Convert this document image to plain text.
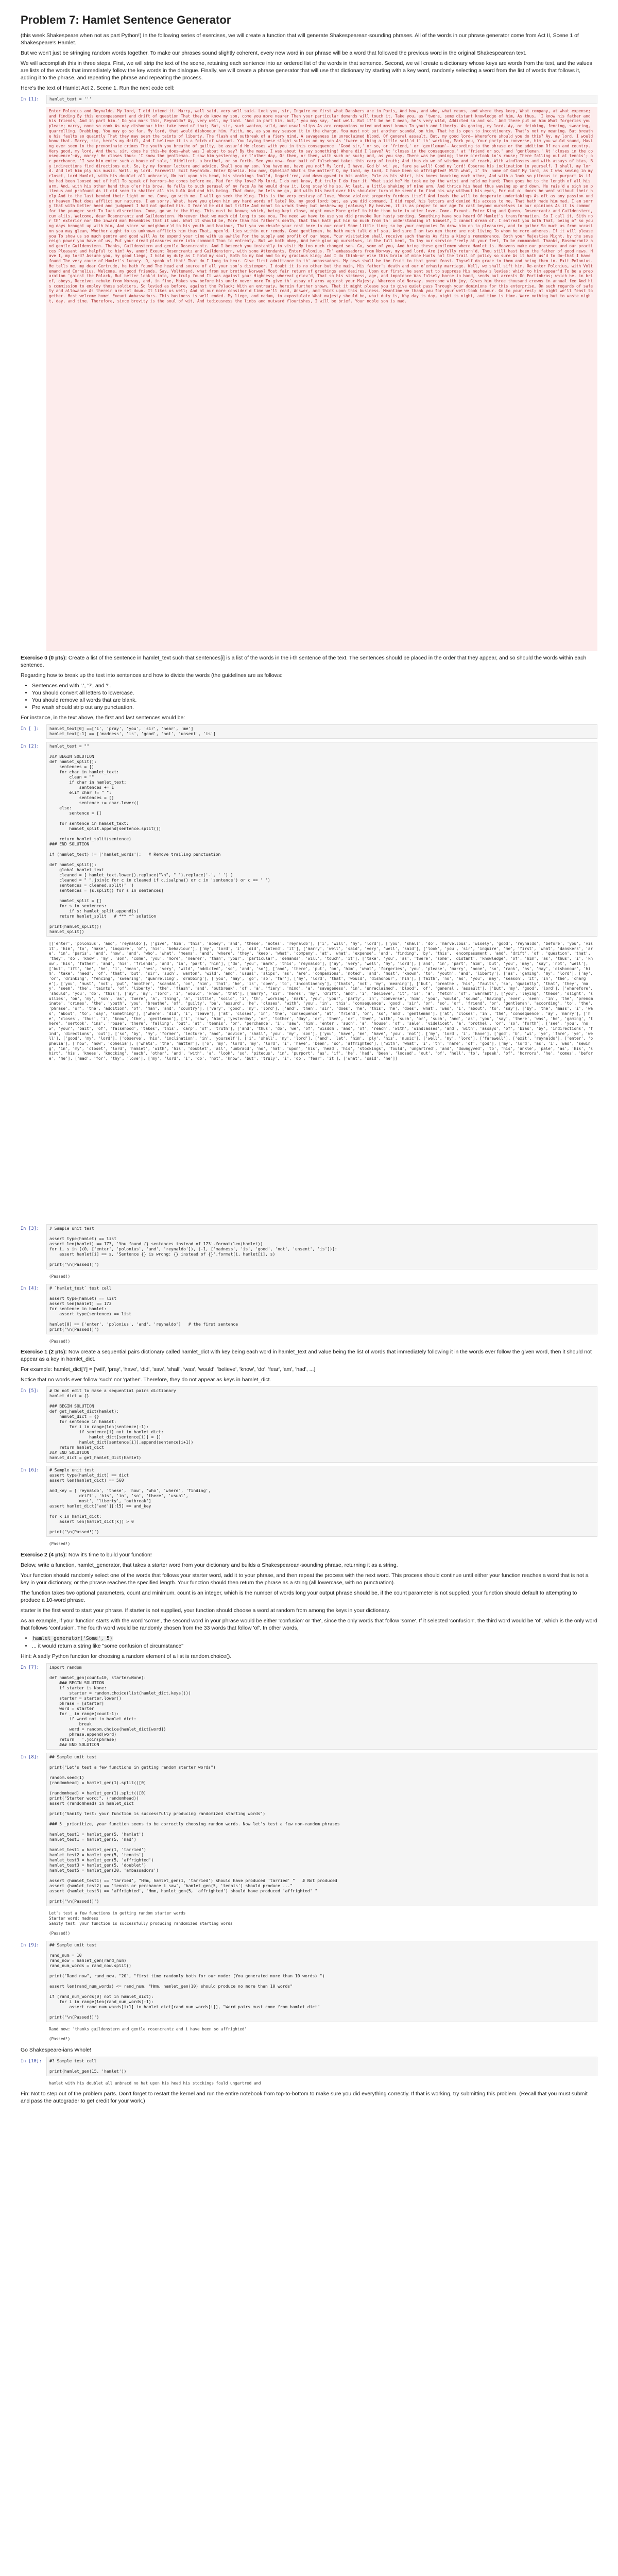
Problem 7: Hamlet Sentence Generator

(this week Shakespeare when not as part Python!) In the following series of exercises, we will create a function that will generate Shakespearean-sounding phrases. All of the words in our phrase generator come from Act II, Scene 1 of Shakespeare's Hamlet.

But we won't just be stringing random words together. To make our phrases sound slightly coherent, every new word in our phrase will be a word that followed the previous word in the original Shakespearean text.

We will accomplish this in three steps. First, we will strip the text of the scene, retaining each sentence into an ordered list of the words in that sentence. Second, we will create a dictionary whose keys are words from the text, and the values are lists of the words that immediately follow the key words in the dialogue. Finally, we will create a phrase generator that will use that dictionary by starting with a key word, randomly selecting a word from the list of words that follows it, adding it to the phrase, and repeating the phrase and repeating the process.

Here's the text of Hamlet Act 2, Scene 1. Run the next code cell:

In [1]:	hamlet_text = '''
Enter Polonius and Reynaldo. My lord, I did intend it. Marry, well said, very well said. Look you, sir, Inquire me first what Danskers are in Paris, And how, and who, what means, and where they keep, What company, at what expense; and finding By this encompassment and drift of question That they do know my son, come you more nearer Than your particular demands will touch it. Take you, as 'twere, some distant knowledge of him, As thus, 'I know his father and his friends, And in part him.' Do you mark this, Reynaldo? Ay, very well, my lord. 'And in part him, but,' you may say, 'not well. But if't be he I mean, he's very wild, Addicted so and so.' And there put on him What forgeries you please; marry, none so rank As may dishonour him; take heed of that; But, sir, such wanton, wild, and usual slips As are companions noted and most known To youth and liberty. As gaming, my lord. Ay, or drinking, fencing, swearing, quarrelling, Drabbing. You may go so far. My lord, that would dishonour him. Faith, no, as you may season it in the charge. You must not put another scandal on him, That he is open to incontinency. That's not my meaning. But breathe his faults so quaintly That they may seem the taints of liberty, The flash and outbreak of a fiery mind, A savageness in unreclaimed blood, Of general assault. But, my good lord— Wherefore should you do this? Ay, my lord, I would know that. Marry, sir, here's my drift, And I believe it is a fetch of warrant. You laying these slight sullies on my son As 'twere a thing a little soil'd i' th' working, Mark you, Your party in converse, him you would sound, Having ever seen in the prenominate crimes The youth you breathe of guilty, be assur'd He closes with you in this consequence: 'Good sir,' or so, or 'friend,' or 'gentleman'— According to the phrase or the addition Of man and country. Very good, my lord. And then, sir, does he this—he does—what was I about to say? By the mass, I was about to say something! Where did I leave? At 'closes in the consequence,' at 'friend or so,' and 'gentleman.' At 'closes in the consequence'—Ay, marry! He closes thus: 'I know the gentleman. I saw him yesterday, or t'other day, Or then, or then, with such or such; and, as you say, There was he gaming; there o'ertook in's rouse; There falling out at tennis'; or perchance, 'I saw him enter such a house of sale,' Videlicet, a brothel, or so forth. See you now— Your bait of falsehood takes this carp of truth; And thus do we of wisdom and of reach, With windlasses and with assays of bias, By indirections find directions out. So, by my former lecture and advice, Shall you my son. You have me, have you not? My lord, I have. God b' wi' ye, fare ye well! Good my lord! Observe his inclination in yourself. I shall, my lord. And let him ply his music. Well, my lord. Farewell! Exit Reynaldo. Enter Ophelia. How now, Ophelia? What's the matter? O, my lord, my lord, I have been so affrighted! With what, i' th' name of God? My lord, as I was sewing in my closet, Lord Hamlet, with his doublet all unbrac'd, No hat upon his head, his stockings foul'd, Ungart'red, and down-gyved to his ankle; Pale as his shirt, his knees knocking each other, And with a look so piteous in purport As if he had been loosed out of hell To speak of horrors—he comes before me. Mad for thy love? My lord, I do not know, But truly I do fear it. What said he? He took me by the wrist and held me hard; Then goes he to the length of all his arm, And, with his other hand thus o'er his brow, He falls to such perusal of my face As he would draw it. Long stay'd he so. At last, a little shaking of mine arm, And thrice his head thus waving up and down, He rais'd a sigh so piteous and profound As it did seem to shatter all his bulk And end his being. That done, he lets me go, And with his head over his shoulder turn'd He seem'd to find his way without his eyes, For out o' doors he went without their help And to the last bended their light on me. Come, go with me. I will go seek the King. This is the very ecstasy of love, Whose violent property fordoes itself And leads the will to desperate undertakings As oft as any passion under heaven That does afflict our natures. I am sorry. What, have you given him any hard words of late? No, my good lord; but, as you did command, I did repel his letters and denied His access to me. That hath made him mad. I am sorry that with better heed and judgment I had not quoted him. I fear'd he did but trifle And meant to wrack thee; but beshrew my jealousy! By heaven, it is as proper to our age To cast beyond ourselves in our opinions As it is common for the younger sort To lack discretion. Come, go we to the King. This must be known; which, being kept close, might move More grief to hide than hate to utter love. Come. Exeunt. Enter King and Queen, Rosencrantz and Guildenstern, cum aliis. Welcome, dear Rosencrantz and Guildenstern. Moreover that we much did long to see you, The need we have to use you did provoke Our hasty sending. Something have you heard Of Hamlet's transformation. So I call it, Sith nor th' exterior nor the inward man Resembles that it was. What it should be, More than his father's death, that thus hath put him So much from th' understanding of himself, I cannot dream of. I entreat you both That, being of so young days brought up with him, And since so neighbour'd to his youth and haviour, That you vouchsafe your rest here in our court Some little time; so by your companies To draw him on to pleasures, and to gather So much as from occasion you may glean, Whether aught to us unknown afflicts him thus That, open'd, lies within our remedy. Good gentlemen, he hath much talk'd of you, And sure I am two men there are not living To whom he more adheres. If it will please you To show us so much gentry and good will As to expend your time with us awhile For the supply and profit of our hope, Your visitation shall receive such thanks As fits a king's remembrance. Both your Majesties Might, by the sovereign power you have of us, Put your dread pleasures more into command Than to entreaty. But we both obey, And here give up ourselves, in the full bent, To lay our service freely at your feet, To be commanded. Thanks, Rosencrantz and gentle Guildenstern. Thanks, Guildenstern and gentle Rosencrantz. And I beseech you instantly to visit My too much changed son. Go, some of you, And bring these gentlemen where Hamlet is. Heavens make our presence and our practices Pleasant and helpful to him! Ay, amen! Exeunt Rosencrantz and Guildenstern, with some Attendants. Enter Polonius. Th' ambassadors from Norway, my good lord, Are joyfully return'd. Thou still hast been the father of good news. Have I, my lord? Assure you, my good liege, I hold my duty as I hold my soul, Both to my God and to my gracious king; And I do think—or else this brain of mine Hunts not the trail of policy so sure As it hath us'd to do—that I have found The very cause of Hamlet's lunacy. O, speak of that! That do I long to hear. Give first admittance to th' ambassadors. My news shall be the fruit to that great feast. Thyself do grace to them and bring them in. Exit Polonius. He tells me, my dear Gertrude, he hath found The head and source of all your son's distemper. I doubt it is no other but the main, His father's death and our o'erhasty marriage. Well, we shall sift him. Re-enter Polonius, with Voltemand and Cornelius. Welcome, my good friends. Say, Voltemand, what from our brother Norway? Most fair return of greetings and desires. Upon our first, he sent out to suppress His nephew's levies; which to him appear'd To be a preparation 'gainst the Polack, But better look'd into, he truly found It was against your Highness; whereat griev'd, That so his sickness, age, and impotence Was falsely borne in hand, sends out arrests On Fortinbras; which he, in brief, obeys, Receives rebuke from Norway, and, in fine, Makes vow before his uncle never more To give th' assay of arms against your Majesty. Whereon old Norway, overcome with joy, Gives him three thousand crowns in annual fee And his commission to employ those soldiers, So levied as before, against the Polack; With an entreaty, herein further shown, That it might please you to give quiet pass Through your dominions for this enterprise, On such regards of safety and allowance As therein are set down. It likes us well; And at our more consider'd time we'll read, Answer, and think upon this business. Meantime we thank you for your well-took labour. Go to your rest; at night we'll feast together. Most welcome home! Exeunt Ambassadors. This business is well ended. My liege, and madam, to expostulate What majesty should be, what duty is, Why day is day, night is night, and time is time. Were nothing but to waste night, day, and time. Therefore, since brevity is the soul of wit, And tediousness the limbs and outward flourishes, I will be brief. Your noble son is mad.

Exercise 0 (0 pts): Create a list of the sentence in hamlet_text such that sentences[i] is a list of the words in the i-th sentence of the text. The sentences should be placed in the order that they appear, and so should the words within each sentence.

Regarding how to break up the text into sentences and how to divide the words (the guidelines are as follows:

• Sentences end with '.', '?', and '!'.
• You should convert all letters to lowercase.
• You should remove all words that are blank.
• Pre wash should strip out any punctuation.

For instance, in the text above, the first and last sentences would be:

In [ ]:	hamlet_text[0] ==['i', 'pray', 'you', 'sir', 'hear', 'me']
hamlet_text[-1] == ['madness', 'is', 'good', 'not', 'unsent', 'is']
In [2]:	hamlet_text = ""

### BEGIN SOLUTION
def hamlet_split():
sentences = []
for char in hamlet_text:
clean = ""
if char in hamlet_text:
sentences += 1
elif char != " ":
sentences = []
sentence += char.lower()
else:
sentence = []

for sentence in hamlet_text:
hamlet_split.append(sentence.split())

return hamlet_split(sentence)
### END SOLUTION

if (hamlet_text) != ['hamlet_words']:   # Remove trailing punctuation

def hamlet_split():
global hamlet_text
cleaned = [ hamlet_text.lower().replace("\n", " ").replace('-', ' ') ]
cleaned = " ".join(c for c in cleaned if c.isalpha() or c in 'sentence') or c == ' ')
sentences = cleaned.split(' ')
sentences = [s.split() for s in sentences]

hamlet_split = []
for s in sentences:
if s: hamlet_split.append(s)
return hamlet_split   # *** ^^ solution

print(hamlet_split())
hamlet_split()
[['enter', 'polonius', 'and', 'reynaldo'], ['give', 'him', 'this', 'money', 'and', 'these', 'notes', 'reynaldo'], ['i', 'will', 'my', 'lord'], ['you', 'shall', 'do', 'marvellous', 'wisely', 'good', 'reynaldo', 'before', 'you', 'visit', 'him', 'to', 'make', 'inquire', 'of', 'his', 'behaviour'], ['my', 'lord', 'i', 'did', 'intend', 'it'], ['marry', 'well', 'said', 'very', 'well', 'said'], ['look', 'you', 'sir', 'inquire', 'me', 'first', 'what', 'danskers', 'are', 'in', 'paris', 'and', 'how', 'and', 'who', 'what', 'means', 'and', 'where', 'they', 'keep', 'what', 'company', 'at', 'what', 'expense', 'and', 'finding', 'by', 'this', 'encompassment', 'and', 'drift', 'of', 'question', 'that', 'they', 'do', 'know', 'my', 'son', 'come', 'you', 'more', 'nearer', 'than', 'your', 'particular', 'demands', 'will', 'touch', 'it'], ['take', 'you', 'as', 'twere', 'some', 'distant', 'knowledge', 'of', 'him', 'as', 'thus', 'i', 'know', 'his', 'father', 'and', 'his', 'friends', 'and', 'in', 'part', 'him'], ['do', 'you', 'mark', 'this', 'reynaldo'], ['ay', 'very', 'well', 'my', 'lord'], ['and', 'in', 'part', 'him', 'but', 'you', 'may', 'say', 'not', 'well'], ['but', 'ift', 'be', 'he', 'i', 'mean', 'hes', 'very', 'wild', 'addicted', 'so', 'and', 'so'], ['and', 'there', 'put', 'on', 'him', 'what', 'forgeries', 'you', 'please', 'marry', 'none', 'so', 'rank', 'as', 'may', 'dishonour', 'him', 'take', 'heed', 'of', 'that', 'but', 'sir', 'such', 'wanton', 'wild', 'and', 'usual', 'slips', 'as', 'are', 'companions', 'noted', 'and', 'most', 'known', 'to', 'youth', 'and', 'liberty'], ['as', 'gaming', 'my', 'lord'], ['ay', 'or', 'drinking', 'fencing', 'swearing', 'quarrelling', 'drabbing'], ['you', 'may', 'go', 'so', 'far'], ['my', 'lord', 'that', 'would', 'dishonour', 'him'], ['faith', 'no', 'as', 'you', 'may', 'season', 'it', 'in', 'the', 'charge'], ['you', 'must', 'not', 'put', 'another', 'scandal', 'on', 'him', 'that', 'he', 'is', 'open', 'to', 'incontinency'], ['thats', 'not', 'my', 'meaning'], ['but', 'breathe', 'his', 'faults', 'so', 'quaintly', 'that', 'they', 'may', 'seem', 'the', 'taints', 'of', 'liberty', 'the', 'flash', 'and', 'outbreak', 'of', 'a', 'fiery', 'mind', 'a', 'savageness', 'in', 'unreclaimed', 'blood', 'of', 'general', 'assault'], ['but', 'my', 'good', 'lord'], ['wherefore', 'should', 'you', 'do', 'this'], ['ay', 'my', 'lord', 'i', 'would', 'know', 'that'], ['marry', 'sir', 'heres', 'my', 'drift', 'and', 'i', 'believe', 'it', 'is', 'a', 'fetch', 'of', 'warrant'], ['you', 'laying', 'these', 'slight', 'sullies', 'on', 'my', 'son', 'as', 'twere', 'a', 'thing', 'a', 'little', 'soild', 'i', 'th', 'working', 'mark', 'you', 'your', 'party', 'in', 'converse', 'him', 'you', 'would', 'sound', 'having', 'ever', 'seen', 'in', 'the', 'prenominate', 'crimes', 'the', 'youth', 'you', 'breathe', 'of', 'guilty', 'be', 'assurd', 'he', 'closes', 'with', 'you', 'in', 'this', 'consequence', 'good', 'sir', 'or', 'so', 'or', 'friend', 'or', 'gentleman', 'according', 'to', 'the', 'phrase', 'or', 'the', 'addition', 'of', 'man', 'and', 'country'], ['very', 'good', 'my', 'lord'], ['and', 'then', 'sir', 'does', 'he', 'this', 'he', 'does', 'what', 'was', 'i', 'about', 'to', 'say'], ['by', 'the', 'mass', 'i', 'was', 'about', 'to', 'say', 'something'], ['where', 'did', 'i', 'leave'], ['at', 'closes', 'in', 'the', 'consequence', 'at', 'friend', 'or', 'so', 'and', 'gentleman'], ['at', 'closes', 'in', 'the', 'consequence', 'ay', 'marry'], ['he', 'closes', 'thus', 'i', 'know', 'the', 'gentleman'], ['i', 'saw', 'him', 'yesterday', 'or', 'tother', 'day', 'or', 'then', 'or', 'then', 'with', 'such', 'or', 'such', 'and', 'as', 'you', 'say', 'there', 'was', 'he', 'gaming', 'there', 'oertook', 'ins', 'rouse', 'there', 'falling', 'out', 'at', 'tennis', 'or', 'perchance', 'i', 'saw', 'him', 'enter', 'such', 'a', 'house', 'of', 'sale', 'videlicet', 'a', 'brothel', 'or', 'so', 'forth'], ['see', 'you', 'now', 'your', 'bait', 'of', 'falsehood', 'takes', 'this', 'carp', 'of', 'truth'], ['and', 'thus', 'do', 'we', 'of', 'wisdom', 'and', 'of', 'reach', 'with', 'windlasses', 'and', 'with', 'assays', 'of', 'bias', 'by', 'indirections', 'find', 'directions', 'out'], ['so', 'by', 'my', 'former', 'lecture', 'and', 'advice', 'shall', 'you', 'my', 'son'], ['you', 'have', 'me', 'have', 'you', 'not'], ['my', 'lord', 'i', 'have'], ['god', 'b', 'wi', 'ye', 'fare', 'ye', 'well'], ['good', 'my', 'lord'], ['observe', 'his', 'inclination', 'in', 'yourself'], ['i', 'shall', 'my', 'lord'], ['and', 'let', 'him', 'ply', 'his', 'music'], ['well', 'my', 'lord'], ['farewell'], ['exit', 'reynaldo'], ['enter', 'ophelia'], ['how', 'now', 'ophelia'], ['whats', 'the', 'matter'], ['o', 'my', 'lord', 'my', 'lord', 'i', 'have', 'been', 'so', 'affrighted'], ['with', 'what', 'i', 'th', 'name', 'of', 'god'], ['my', 'lord', 'as', 'i', 'was', 'sewing', 'in', 'my', 'closet', 'lord', 'hamlet', 'with', 'his', 'doublet', 'all', 'unbracd', 'no', 'hat', 'upon', 'his', 'head', 'his', 'stockings', 'fould', 'ungartred', 'and', 'downgyved', 'to', 'his', 'ankle', 'pale', 'as', 'his', 'shirt', 'his', 'knees', 'knocking', 'each', 'other', 'and', 'with', 'a', 'look', 'so', 'piteous', 'in', 'purport', 'as', 'if', 'he', 'had', 'been', 'loosed', 'out', 'of', 'hell', 'to', 'speak', 'of', 'horrors', 'he', 'comes', 'before', 'me'], ['mad', 'for', 'thy', 'love'], ['my', 'lord', 'i', 'do', 'not', 'know', 'but', 'truly', 'i', 'do', 'fear', 'it'], ['what', 'said', 'he']]
In [3]:	# Sample unit test

assert type(hamlet) == list
assert len(hamlet) == 173, 'You found {} sentences instead of 173'.format(len(hamlet))
for i, s in [(0, ['enter', 'polonius', 'and', 'reynaldo']), (-1, ['madness', 'is', 'good', 'not', 'unsent', 'is'])]:
assert hamlet[i] == s, 'Sentence {} is wrong: {} instead of {}'.format(i, hamlet[i], s)

print("\n(Passed!)")
(Passed!)
In [4]:	# `hamlet_test` test cell

assert type(hamlet) == list
assert len(hamlet) == 173
for sentence in hamlet:
assert type(sentence) == list

hamlet[0] == ['enter', 'polonius', 'and', 'reynaldo']   # the first sentence
print("\n(Passed!)")
(Passed!)

Exercise 1 (2 pts): Now create a sequential pairs dictionary called hamlet_dict with key being each word in hamlet_text and value being the list of words that immediately following it in the words ever follow the given word, then it should not appear as a key in hamlet_dict.

For example: hamlet_dict['i'] = ['will', 'pray', 'have', 'did', 'saw', 'shall', 'was', 'would', 'believe', 'know', 'do', 'fear', 'am', 'had', ...]

Notice that no words ever follow 'such' nor 'gather'. Therefore, they do not appear as keys in hamlet_dict.

In [5]:	# Do not edit to make a sequential pairs dictionary
hamlet_dict = {}

### BEGIN SOLUTION
def get_hamlet_dict(hamlet):
hamlet_dict = {}
for sentence in hamlet:
for i in range(len(sentence)-1):
if sentence[i] not in hamlet_dict:
hamlet_dict[sentence[i]] = []
hamlet_dict[sentence[i]].append(sentence[i+1])
return hamlet_dict
### END SOLUTION
hamlet_dict = get_hamlet_dict(hamlet)
In [6]:	# Sample unit test
assert type(hamlet_dict) == dict
assert len(hamlet_dict) == 560

and_key = ['reynaldo', 'these', 'how', 'who', 'where', 'finding',
'drift', 'his', 'in', 'so', 'there', 'usual',
'most', 'liberty', 'outbreak']
assert hamlet_dict['and'][:15] == and_key

for k in hamlet_dict:
assert len(hamlet_dict[k]) > 0

print("\n(Passed!)")
(Passed!)

Exercise 2 (4 pts): Now it's time to build your function!

Below, write a function, hamlet_generator, that takes a starter word from your dictionary and builds a Shakespearean-sounding phrase, returning it as a string.

Your function should randomly select one of the words that follows your starter word, add it to your phrase, and then repeat the process with the next word. This process should continue until either your function reaches a word that is not a key in your dictionary, or the phrase reaches the specified length. Your function should then return the phrase as a string (all lowercase, with no punctuation).

The function takes two optional parameters, count and minimum. count is an integer, which is the number of words long your output phrase should be, if the count parameter is not supplied, your function should default to attempting to produce a 10-word phrase.

starter is the first word to start your phrase. If starter is not supplied, your function should choose a word at random from among the keys in your dictionary.

As an example, if your function starts with the word 'so'me', the second word in your phrase would be either 'confusion' or 'the', since the only words that follow 'some'. If it selected 'confusion', the third word would be 'of', which is the only word that follows 'confusion'. The fourth word would be randomly chosen from the 33 words that follow 'of'. In other words,

• hamlet_generator('Some', 5)
• ... it would return a string like "some confusion of circumstance"

Hint: A sadly Python function for choosing a random element of a list is random.choice().

In [7]:	import random

def hamlet_gen(count=10, starter=None):
### BEGIN SOLUTION
if starter is None:
starter = random.choice(list(hamlet_dict.keys()))
starter = starter.lower()
phrase = [starter]
word = starter
for _ in range(count-1):
if word not in hamlet_dict:
break
word = random.choice(hamlet_dict[word])
phrase.append(word)
return ' '.join(phrase)
### END SOLUTION
In [8]:	## Sample unit test

print("Let's test a few functions in getting random starter words")

random.seed(1)
(randomhead) = hamlet_gen(1).split()[0]

(randomhead) = hamlet_gen(1).split()[0]
print("Starter word:", (randomhead))
assert (randomhead) in hamlet_dict

print("Sanity test: your function is successfully producing randomized starting words")

### 5 _prioritize, your function seems to be correctly choosing random words. Now let's test a few non-random phrases

hamlet_test1 = hamlet_gen(5, 'hamlet')
hamlet_test1 = hamlet_gen(5, 'mad')

hamlet_test1 = hamlet_gen(1, 'tarried')
hamlet_test2 = hamlet_gen(5, 'tennis')
hamlet_test3 = hamlet_gen(5, 'affrighted')
hamlet_test3 = hamlet_gen(5, 'doublet')
hamlet_test5 = hamlet_gen(20, 'ambassadors')

assert (hamlet_test1) == 'tarried', "Hmm, hamlet_gen(1, 'tarried') should have produced 'tarried' "   # Not produced
assert (hamlet_test2) == 'tennis or perchance i saw', "hamlet_gen(5, 'tennis') should produce ..."
assert (hamlet_test3) == 'affrighted', "Hmm, hamlet_gen(5, 'affrighted') should have produced 'affrighted' "

print("\n(Passed!)")
Let's test a few functions in getting random starter words
Starter word: madness
Sanity test: your function is successfully producing randomized starting words

(Passed!)
In [9]:	## Sample unit test

rand_num = 10
rand_now = hamlet_gen(rand_num)
rand_num_words = rand_now.split()

print("Rand now", rand_now, "20", "first time randomly both for our mode: (You generated more than 10 words) ")

assert len(rand_num_words) <= rand_num, "Hmm, hamlet_gen(10) should produce no more than 10 words"

if (rand_num_words[0] not in hamlet_dict):
for i in range(len(rand_num_words)-1):
assert rand_num_words[i+1] in hamlet_dict[rand_num_words[i]], "Word pairs must come from hamlet_dict"

print("\n(Passed!)")
Rand now: 'thanks guildenstern and gentle rosencrantz and i have been so affrighted'

(Passed!)

Go Shakespeare-ians Whole!

In [10]:	#? Sample test cell

print(hamlet_gen(15, 'hamlet'))
hamlet with his doublet all unbracd no hat upon his head his stockings fould ungartred and

Fin: Not to step out of the problem parts. Don't forget to restart the kernel and run the entire notebook from top-to-bottom to make sure you did everything correctly. If that is working, try submitting this problem. (Recall that you must submit and pass the autograder to get credit for your work.)
